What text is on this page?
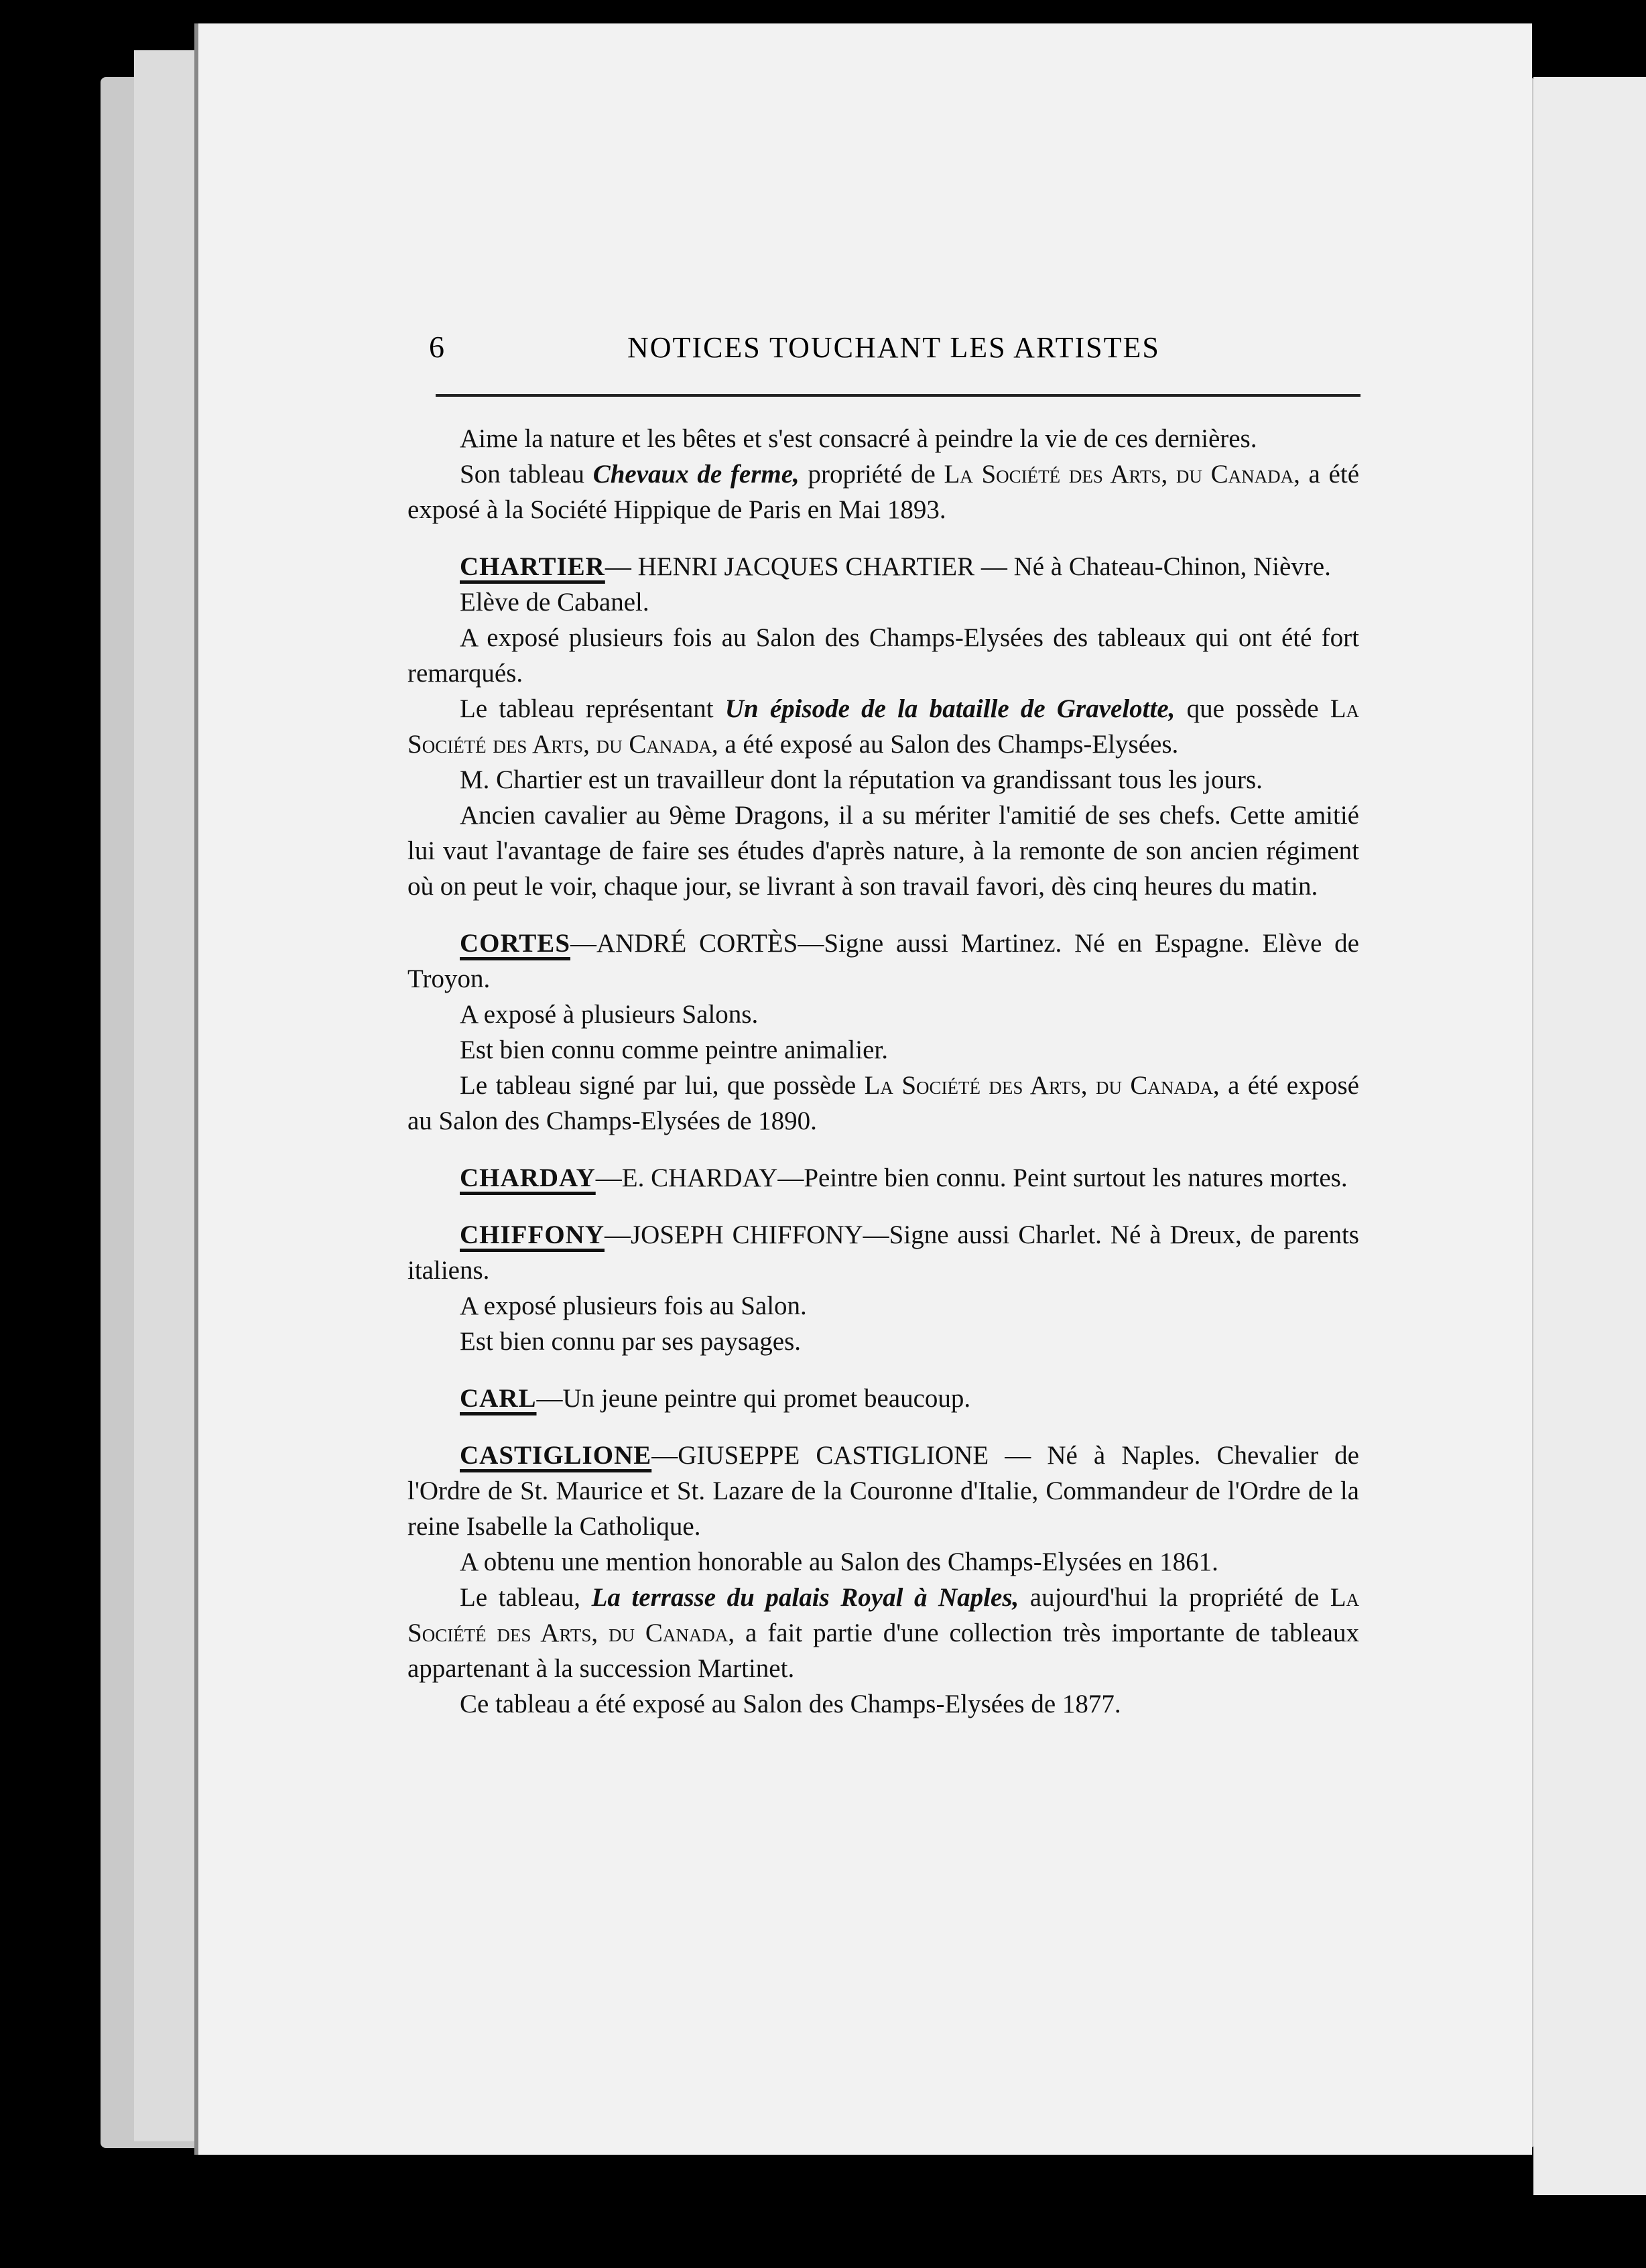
6	NOTICES TOUCHANT LES ARTISTES

Aime la nature et les bêtes et s'est consacré à peindre la vie de ces dernières.

Son tableau Chevaux de ferme, propriété de La Société des Arts, du Canada, a été exposé à la Société Hippique de Paris en Mai 1893.

CHARTIER— HENRI JACQUES CHARTIER — Né à Chateau-Chinon, Nièvre.

Elève de Cabanel.

A exposé plusieurs fois au Salon des Champs-Elysées des tableaux qui ont été fort remarqués.

Le tableau représentant Un épisode de la bataille de Gravelotte, que possède La Société des Arts, du Canada, a été exposé au Salon des Champs-Elysées.

M. Chartier est un travailleur dont la réputation va grandissant tous les jours.

Ancien cavalier au 9ème Dragons, il a su mériter l'amitié de ses chefs. Cette amitié lui vaut l'avantage de faire ses études d'après nature, à la remonte de son ancien régiment où on peut le voir, chaque jour, se livrant à son travail favori, dès cinq heures du matin.

CORTES—ANDRÉ CORTÈS—Signe aussi Martinez. Né en Espagne. Elève de Troyon.

A exposé à plusieurs Salons.

Est bien connu comme peintre animalier.

Le tableau signé par lui, que possède La Société des Arts, du Canada, a été exposé au Salon des Champs-Elysées de 1890.

CHARDAY—E. CHARDAY—Peintre bien connu. Peint surtout les natures mortes.

CHIFFONY—JOSEPH CHIFFONY—Signe aussi Charlet. Né à Dreux, de parents italiens.

A exposé plusieurs fois au Salon.

Est bien connu par ses paysages.

CARL—Un jeune peintre qui promet beaucoup.

CASTIGLIONE—GIUSEPPE CASTIGLIONE — Né à Naples. Chevalier de l'Ordre de St. Maurice et St. Lazare de la Couronne d'Italie, Commandeur de l'Ordre de la reine Isabelle la Catholique.

A obtenu une mention honorable au Salon des Champs-Elysées en 1861.

Le tableau, La terrasse du palais Royal à Naples, aujourd'hui la propriété de La Société des Arts, du Canada, a fait partie d'une collection très importante de tableaux appartenant à la succession Martinet.

Ce tableau a été exposé au Salon des Champs-Elysées de 1877.
